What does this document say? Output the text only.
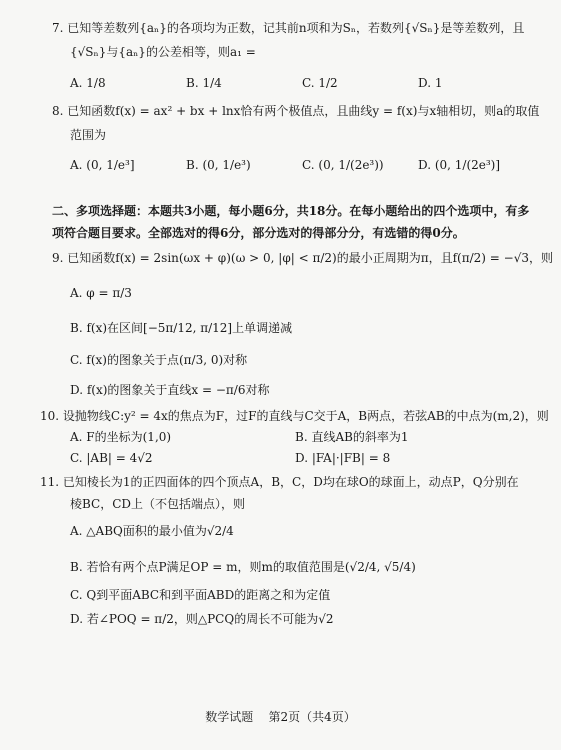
7. 已知等差数列{aₙ}的各项均为正数，记其前n项和为Sₙ，若数列{√Sₙ}是等差数列，且
{√Sₙ}与{aₙ}的公差相等，则a₁ =
A. 1/8	B. 1/4	C. 1/2	D. 1
8. 已知函数f(x) = ax² + bx + lnx恰有两个极值点，且曲线y = f(x)与x轴相切，则a的取值
范围为
A. (0, 1/e³]	B. (0, 1/e³)	C. (0, 1/(2e³))	D. (0, 1/(2e³)]
二、多项选择题：本题共3小题，每小题6分，共18分。在每小题给出的四个选项中，有多
项符合题目要求。全部选对的得6分，部分选对的得部分分，有选错的得0分。
9. 已知函数f(x) = 2sin(ωx + φ)(ω > 0, |φ| < π/2)的最小正周期为π，且f(π/2) = −√3，则
A. φ = π/3
B. f(x)在区间[−5π/12, π/12]上单调递减
C. f(x)的图象关于点(π/3, 0)对称
D. f(x)的图象关于直线x = −π/6对称
10. 设抛物线C:y² = 4x的焦点为F，过F的直线与C交于A，B两点，若弦AB的中点为(m,2)，则
A. F的坐标为(1,0)	B. 直线AB的斜率为1
C. |AB| = 4√2	D. |FA|·|FB| = 8
11. 已知棱长为1的正四面体的四个顶点A，B，C，D均在球O的球面上，动点P，Q分别在
棱BC，CD上（不包括端点），则
A. △ABQ面积的最小值为√2/4
B. 若恰有两个点P满足OP = m，则m的取值范围是(√2/4, √5/4)
C. Q到平面ABC和到平面ABD的距离之和为定值
D. 若∠POQ = π/2，则△PCQ的周长不可能为√2
数学试题    第2页（共4页）
